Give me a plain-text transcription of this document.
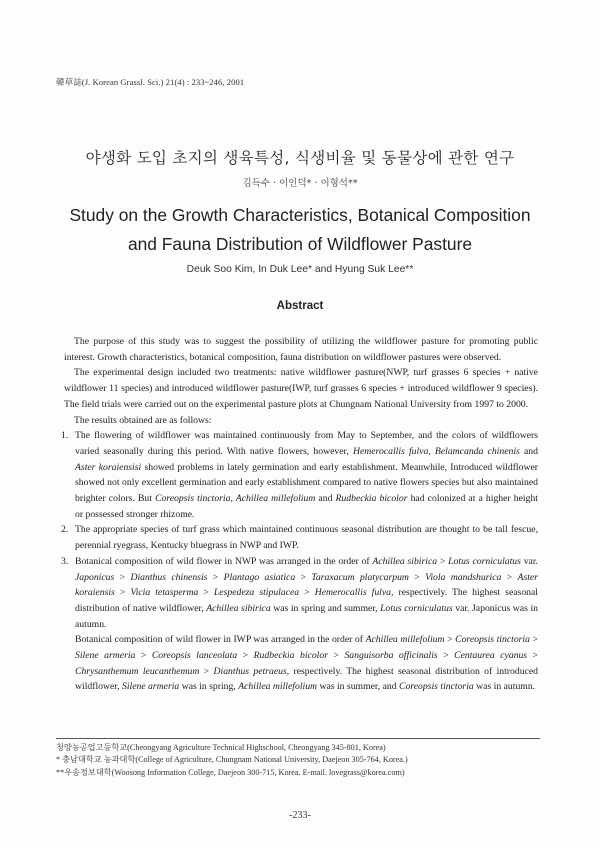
韓草誌(J. Korean Grassl. Sci.) 21(4) : 233~246, 2001
야생화 도입 초지의 생육특성, 식생비율 및 동물상에 관한 연구
김득수 · 이인덕* · 이형석**
Study on the Growth Characteristics, Botanical Composition
and Fauna Distribution of Wildflower Pasture
Deuk Soo Kim, In Duk Lee* and Hyung Suk Lee**
Abstract

The purpose of this study was to suggest the possibility of utilizing the wildflower pasture for promoting public interest. Growth characteristics, botanical composition, fauna distribution on wildflower pastures were observed.

The experimental design included two treatments: native wildflower pasture(NWP, turf grasses 6 species + native wildflower 11 species) and introduced wildflower pasture(IWP, turf grasses 6 species + introduced wildflower 9 species). The field trials were carried out on the experimental pasture plots at Chungnam National University from 1997 to 2000.

The results obtained are as follows:

1. The flowering of wildflower was maintained continuously from May to September, and the colors of wildflowers varied seasonally during this period. With native flowers, however, Hemerocallis fulva, Belamcanda chinenis and Aster koraiensisi showed problems in lately germination and early establishment. Meanwhile, Introduced wildflower showed not only excellent germination and early establishment compared to native flowers species but also maintained brighter colors. But Coreopsis tinctoria, Achillea millefolium and Rudbeckia bicolor had colonized at a higher height or possessed stronger rhizome.

2. The appropriate species of turf grass which maintained continuous seasonal distribution are thought to be tall fescue, perennial ryegrass, Kentucky bluegrass in NWP and IWP.

3. Botanical composition of wild flower in NWP was arranged in the order of Achillea sibirica > Lotus corniculatus var. Japonicus > Dianthus chinensis > Plantago asiatica > Taraxacum platycarpum > Viola mandshurica > Aster koraiensis > Vicia tetasperma > Lespedeza stipulacea > Hemerocallis fulva, respectively. The highest seasonal distribution of native wildflower, Achillea sibirica was in spring and summer, Lotus corniculatus var. Japonicus was in autumn.

Botanical composition of wild flower in IWP was arranged in the order of Achillea millefolium > Coreopsis tinctoria > Silene armeria > Coreopsis lanceolata > Rudbeckia bicolor > Sanguisorba officinalis > Centaurea cyanus > Chrysanthemum leucanthemum > Dianthus petraeus, respectively. The highest seasonal distribution of introduced wildflower, Silene armeria was in spring, Achillea millefolium was in summer, and Coreopsis tinctoria was in autumn.

청양농공업고등학교(Cheongyang Agriculture Technical Highschool, Cheongyang 345-801, Korea)
* 충남대학교 농과대학(College of Agriculture, Chungnam National University, Daejeon 305-764, Korea.)
**우송정보대학(Woosong Information College, Daejeon 300-715, Korea. E-mail. lovegrass@korea.com)
-233-
